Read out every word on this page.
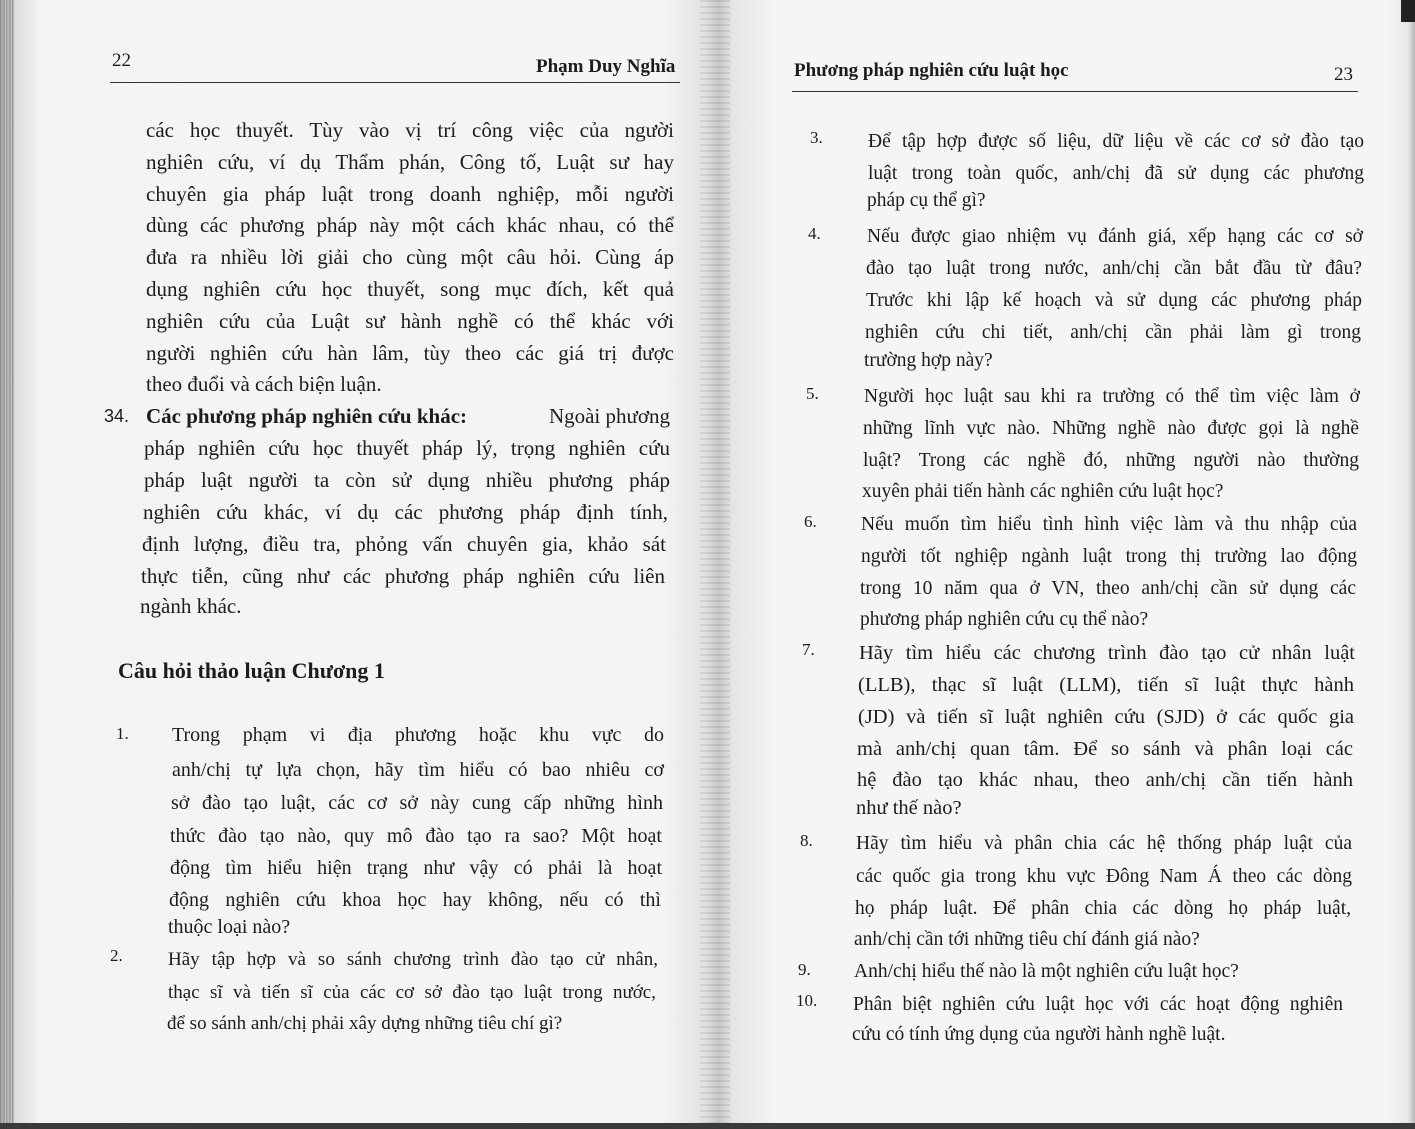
22	Phạm Duy Nghĩa
các học thuyết. Tùy vào vị trí công việc của người
nghiên cứu, ví dụ Thẩm phán, Công tố, Luật sư hay
chuyên gia pháp luật trong doanh nghiệp, mỗi người
dùng các phương pháp này một cách khác nhau, có thể
đưa ra nhiều lời giải cho cùng một câu hỏi. Cùng áp
dụng nghiên cứu học thuyết, song mục đích, kết quả
nghiên cứu của Luật sư hành nghề có thể khác với
người nghiên cứu hàn lâm, tùy theo các giá trị được
theo đuổi và cách biện luận.
34. Các phương pháp nghiên cứu khác:	Ngoài phương
pháp nghiên cứu học thuyết pháp lý, trọng nghiên cứu
pháp luật người ta còn sử dụng nhiều phương pháp
nghiên cứu khác, ví dụ các phương pháp định tính,
định lượng, điều tra, phỏng vấn chuyên gia, khảo sát
thực tiễn, cũng như các phương pháp nghiên cứu liên
ngành khác.
Câu hỏi thảo luận Chương 1
1. Trong phạm vi địa phương hoặc khu vực do
anh/chị tự lựa chọn, hãy tìm hiểu có bao nhiêu cơ
sở đào tạo luật, các cơ sở này cung cấp những hình
thức đào tạo nào, quy mô đào tạo ra sao? Một hoạt
động tìm hiểu hiện trạng như vậy có phải là hoạt
động nghiên cứu khoa học hay không, nếu có thì
thuộc loại nào?
2. Hãy tập hợp và so sánh chương trình đào tạo cử nhân,
thạc sĩ và tiến sĩ của các cơ sở đào tạo luật trong nước,
để so sánh anh/chị phải xây dựng những tiêu chí gì?
Phương pháp nghiên cứu luật học	23
3. Để tập hợp được số liệu, dữ liệu về các cơ sở đào tạo
luật trong toàn quốc, anh/chị đã sử dụng các phương
pháp cụ thể gì?
4. Nếu được giao nhiệm vụ đánh giá, xếp hạng các cơ sở
đào tạo luật trong nước, anh/chị cần bắt đầu từ đâu?
Trước khi lập kế hoạch và sử dụng các phương pháp
nghiên cứu chi tiết, anh/chị cần phải làm gì trong
trường hợp này?
5. Người học luật sau khi ra trường có thể tìm việc làm ở
những lĩnh vực nào. Những nghề nào được gọi là nghề
luật? Trong các nghề đó, những người nào thường
xuyên phải tiến hành các nghiên cứu luật học?
6. Nếu muốn tìm hiểu tình hình việc làm và thu nhập của
người tốt nghiệp ngành luật trong thị trường lao động
trong 10 năm qua ở VN, theo anh/chị cần sử dụng các
phương pháp nghiên cứu cụ thể nào?
7. Hãy tìm hiểu các chương trình đào tạo cử nhân luật
(LLB), thạc sĩ luật (LLM), tiến sĩ luật thực hành
(JD) và tiến sĩ luật nghiên cứu (SJD) ở các quốc gia
mà anh/chị quan tâm. Để so sánh và phân loại các
hệ đào tạo khác nhau, theo anh/chị cần tiến hành
như thế nào?
8. Hãy tìm hiểu và phân chia các hệ thống pháp luật của
các quốc gia trong khu vực Đông Nam Á theo các dòng
họ pháp luật. Để phân chia các dòng họ pháp luật,
anh/chị cần tới những tiêu chí đánh giá nào?
9. Anh/chị hiểu thế nào là một nghiên cứu luật học?
10. Phân biệt nghiên cứu luật học với các hoạt động nghiên
cứu có tính ứng dụng của người hành nghề luật.
